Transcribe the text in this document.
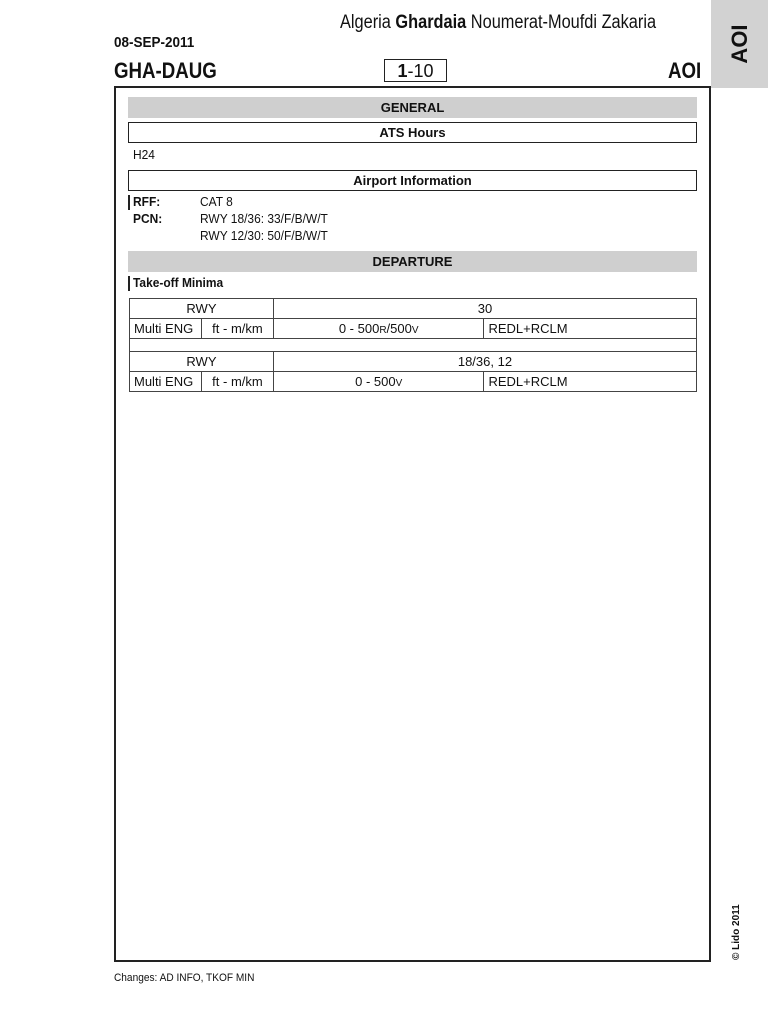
Algeria Ghardaia Noumerat-Moufdi Zakaria
08-SEP-2011
GHA-DAUG	1-10	AOI
AOI
GENERAL
ATS Hours
H24
Airport Information
RFF:	CAT 8
PCN:	RWY 18/36: 33/F/B/W/T
RWY 12/30: 50/F/B/W/T
DEPARTURE
Take-off Minima
RWY		30	
Multi ENG	ft - m/km	0 - 500R/500V	REDL+RCLM

RWY		18/36, 12	
Multi ENG	ft - m/km	0 - 500V	REDL+RCLM
Changes: AD INFO, TKOF MIN
© Lido 2011
